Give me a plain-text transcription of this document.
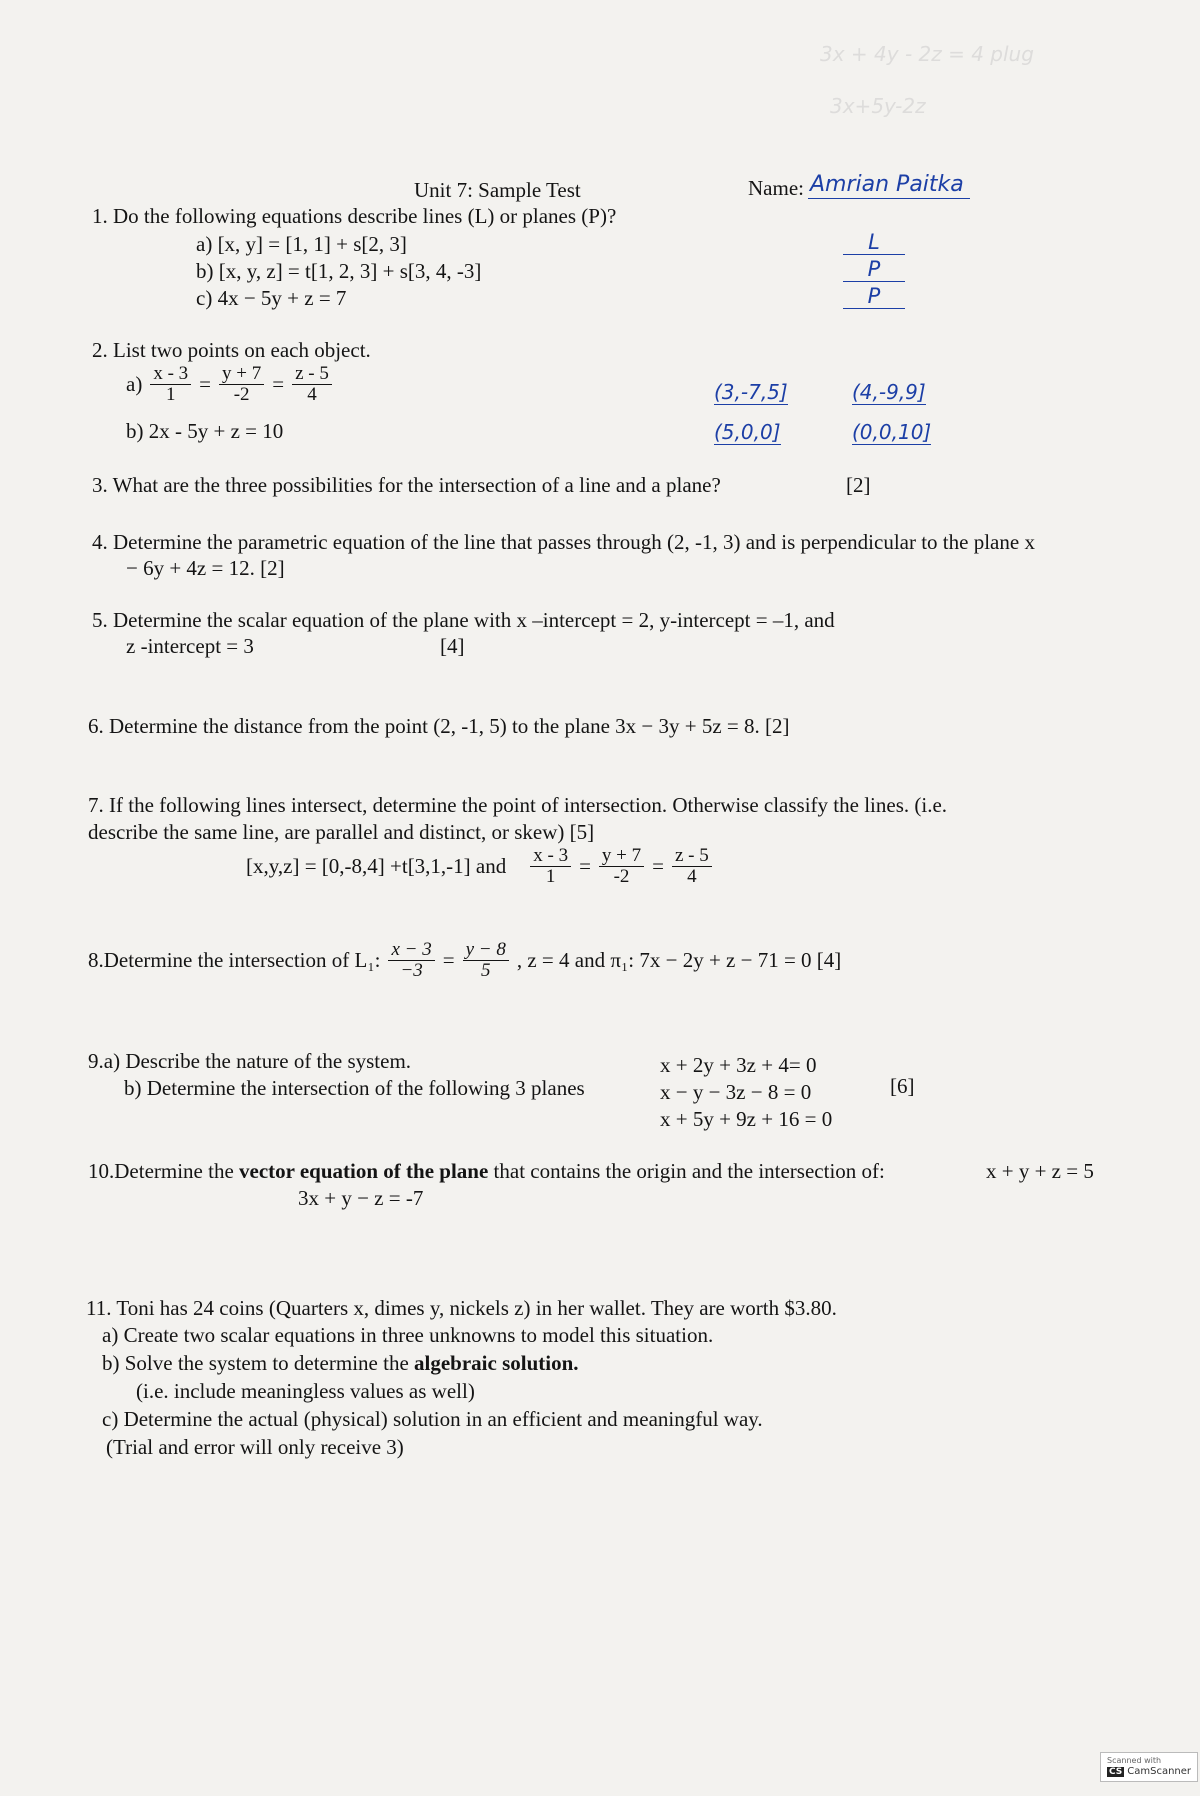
3x + 4y - 2z = 4 plug
3x+5y-2z
Unit 7: Sample Test	Name: Amrian Paitka
1. Do the following equations describe lines (L) or planes (P)?
a) [x, y] = [1, 1] + s[2, 3]
b) [x, y, z] = t[1, 2, 3] + s[3, 4, -3]
c) 4x − 5y + z = 7
L
P
P
2. List two points on each object.
$a) \frac{x - 3}{1} = \frac{y + 7}{-2} = \frac{z - 5}{4}$
b) 2x - 5y + z = 10
(3,-7,5]	(4,-9,9]
(5,0,0]	(0,0,10]
3. What are the three possibilities for the intersection of a line and a plane?	[2]
4. Determine the parametric equation of the line that passes through (2, -1, 3) and is perpendicular to the plane x
− 6y + 4z = 12. [2]
5. Determine the scalar equation of the plane with x –intercept = 2, y-intercept = –1, and
z -intercept = 3	[4]
6. Determine the distance from the point (2, -1, 5) to the plane 3x − 3y + 5z = 8. [2]
7. If the following lines intersect, determine the point of intersection. Otherwise classify the lines. (i.e.
describe the same line, are parallel and distinct, or skew) [5]
[x,y,z] = [0,-8,4] +t[3,1,-1] and $\frac{x - 3}{1} = \frac{y + 7}{-2} = \frac{z - 5}{4}$
8.Determine the intersection of L₁: $\frac{x - 3}{-3} = \frac{y - 8}{5}$ , z = 4 and π₁: 7x − 2y + z − 71 = 0 [4]
9.a) Describe the nature of the system.
b) Determine the intersection of the following 3 planes
x + 2y + 3z + 4= 0
x − y − 3z − 8 = 0
x + 5y + 9z + 16 = 0
[6]
10.Determine the vector equation of the plane that contains the origin and the intersection of:	x + y + z = 5
3x + y − z = -7
11. Toni has 24 coins (Quarters x, dimes y, nickels z) in her wallet. They are worth $3.80.
a) Create two scalar equations in three unknowns to model this situation.
b) Solve the system to determine the algebraic solution.
(i.e. include meaningless values as well)
c) Determine the actual (physical) solution in an efficient and meaningful way.
(Trial and error will only receive 3)
Scanned with
CS CamScanner
